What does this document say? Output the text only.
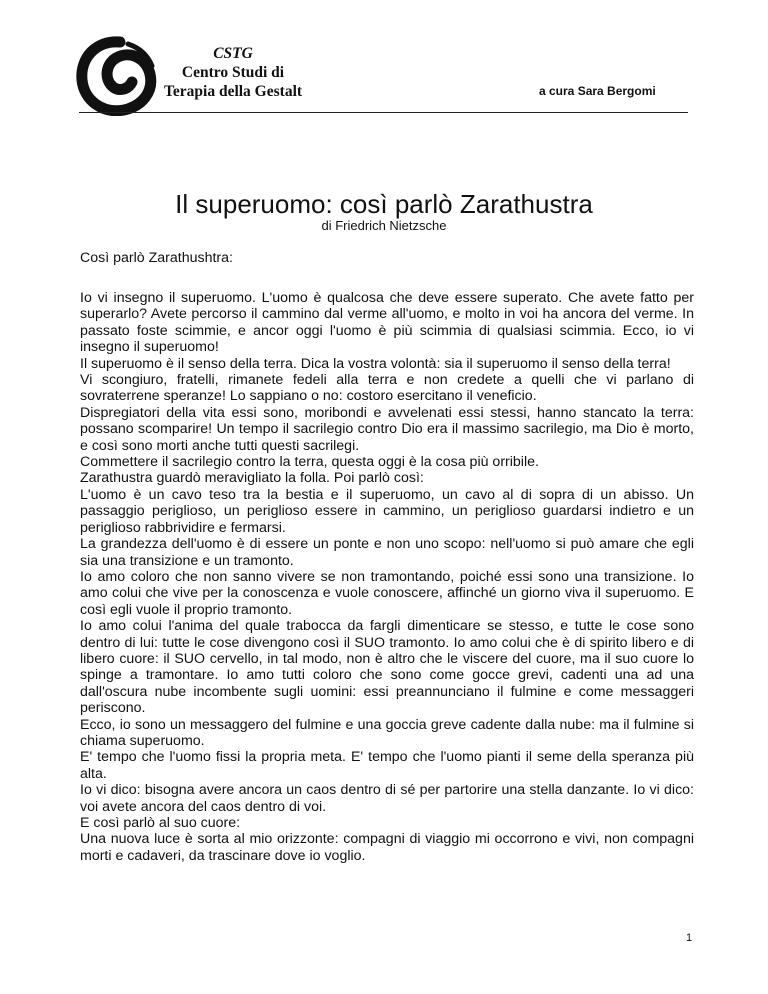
CSTG
Centro Studi di
Terapia della Gestalt	a cura Sara Bergomi
Il superuomo: così parlò Zarathustra
di Friedrich Nietzsche
Così parlò Zarathushtra:

Io vi insegno il superuomo. L'uomo è qualcosa che deve essere superato. Che avete fatto per superarlo? Avete percorso il cammino dal verme all'uomo, e molto in voi ha ancora del verme. In passato foste scimmie, e ancor oggi l'uomo è più scimmia di qualsiasi scimmia. Ecco, io vi insegno il superuomo!

Il superuomo è il senso della terra. Dica la vostra volontà: sia il superuomo il senso della terra!

Vi scongiuro, fratelli, rimanete fedeli alla terra e non credete a quelli che vi parlano di sovraterrene speranze! Lo sappiano o no: costoro esercitano il veneficio.

Dispregiatori della vita essi sono, moribondi e avvelenati essi stessi, hanno stancato la terra: possano scomparire! Un tempo il sacrilegio contro Dio era il massimo sacrilegio, ma Dio è morto, e così sono morti anche tutti questi sacrilegi.

Commettere il sacrilegio contro la terra, questa oggi è la cosa più orribile.

Zarathustra guardò meravigliato la folla. Poi parlò così:

L'uomo è un cavo teso tra la bestia e il superuomo, un cavo al di sopra di un abisso. Un passaggio periglioso, un periglioso essere in cammino, un periglioso guardarsi indietro e un periglioso rabbrividire e fermarsi.

La grandezza dell'uomo è di essere un ponte e non uno scopo: nell'uomo si può amare che egli sia una transizione e un tramonto.

Io amo coloro che non sanno vivere se non tramontando, poiché essi sono una transizione. Io amo colui che vive per la conoscenza e vuole conoscere, affinché un giorno viva il superuomo. E così egli vuole il proprio tramonto.

Io amo colui l'anima del quale trabocca da fargli dimenticare se stesso, e tutte le cose sono dentro di lui: tutte le cose divengono così il SUO tramonto. Io amo colui che è di spirito libero e di libero cuore: il SUO cervello, in tal modo, non è altro che le viscere del cuore, ma il suo cuore lo spinge a tramontare. Io amo tutti coloro che sono come gocce grevi, cadenti una ad una dall'oscura nube incombente sugli uomini: essi preannunciano il fulmine e come messaggeri periscono.

Ecco, io sono un messaggero del fulmine e una goccia greve cadente dalla nube: ma il fulmine si chiama superuomo.

E' tempo che l'uomo fissi la propria meta. E' tempo che l'uomo pianti il seme della speranza più alta.

Io vi dico: bisogna avere ancora un caos dentro di sé per partorire una stella danzante. Io vi dico: voi avete ancora del caos dentro di voi.

E così parlò al suo cuore:

Una nuova luce è sorta al mio orizzonte: compagni di viaggio mi occorrono e vivi, non compagni morti e cadaveri, da trascinare dove io voglio.

1
